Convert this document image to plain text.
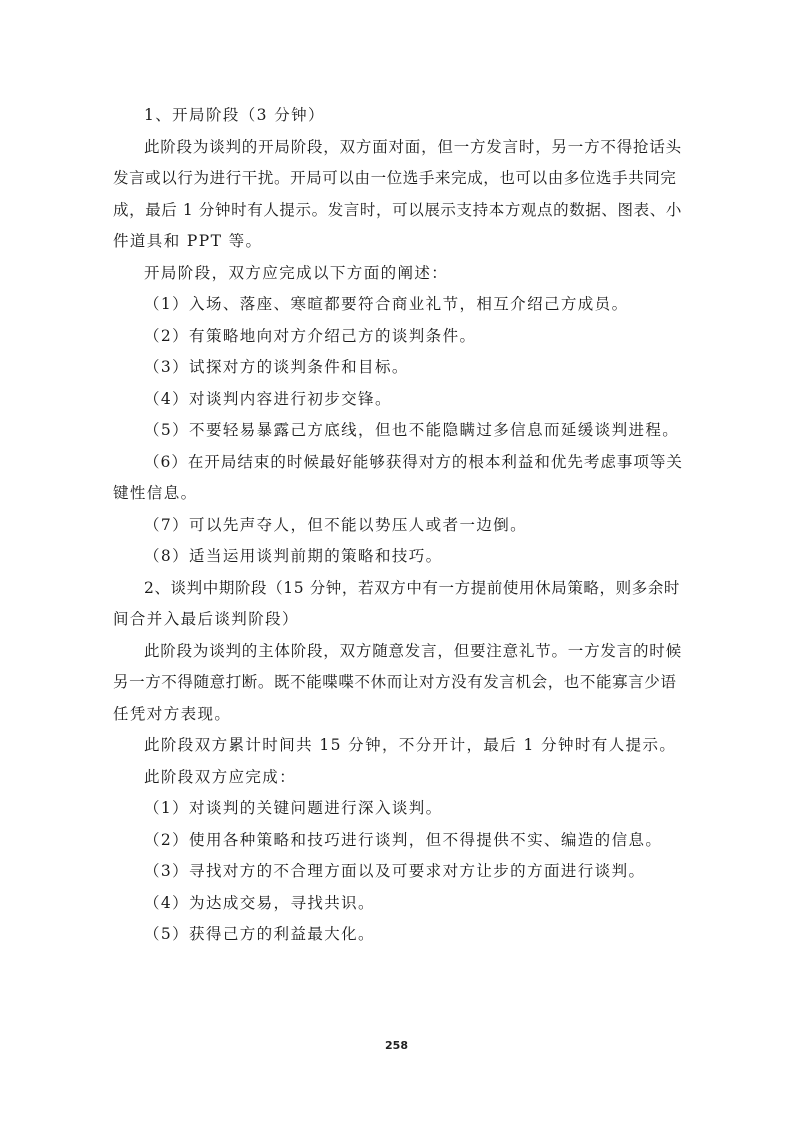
1、开局阶段（3 分钟）
此阶段为谈判的开局阶段，双方面对面，但一方发言时，另一方不得抢话头
发言或以行为进行干扰。开局可以由一位选手来完成，也可以由多位选手共同完
成，最后 1 分钟时有人提示。发言时，可以展示支持本方观点的数据、图表、小
件道具和 PPT 等。
开局阶段，双方应完成以下方面的阐述：
（1）入场、落座、寒暄都要符合商业礼节，相互介绍己方成员。
（2）有策略地向对方介绍己方的谈判条件。
（3）试探对方的谈判条件和目标。
（4）对谈判内容进行初步交锋。
（5）不要轻易暴露己方底线，但也不能隐瞒过多信息而延缓谈判进程。
（6）在开局结束的时候最好能够获得对方的根本利益和优先考虑事项等关
键性信息。
（7）可以先声夺人，但不能以势压人或者一边倒。
（8）适当运用谈判前期的策略和技巧。
2、谈判中期阶段（15 分钟，若双方中有一方提前使用休局策略，则多余时
间合并入最后谈判阶段）
此阶段为谈判的主体阶段，双方随意发言，但要注意礼节。一方发言的时候
另一方不得随意打断。既不能喋喋不休而让对方没有发言机会，也不能寡言少语
任凭对方表现。
此阶段双方累计时间共 15 分钟，不分开计，最后 1 分钟时有人提示。
此阶段双方应完成：
（1）对谈判的关键问题进行深入谈判。
（2）使用各种策略和技巧进行谈判，但不得提供不实、编造的信息。
（3）寻找对方的不合理方面以及可要求对方让步的方面进行谈判。
（4）为达成交易，寻找共识。
（5）获得己方的利益最大化。
258
